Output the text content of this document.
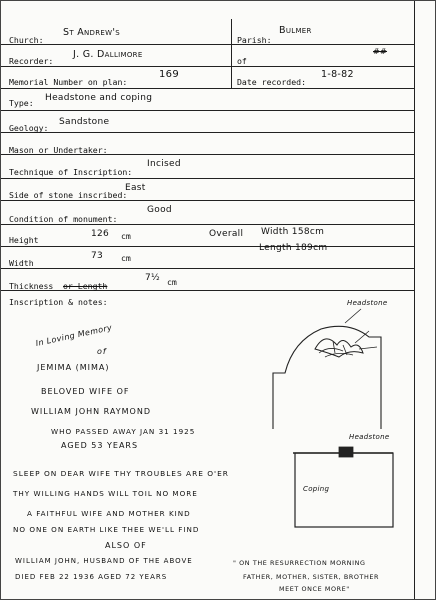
Church:
St Andrew's
Parish:
Bulmer
Recorder:
J. G. Dallimore
of
##
Memorial Number on plan:
169
Date recorded:
1-8-82
Type: Headstone and coping
Geology:
Sandstone
Mason or Undertaker:
Technique of Inscription:
Incised
Side of stone inscribed:
East
Condition of monument:
Good
Height
126 cm	Overall Width 158cm
Width
73 cm
Length 189cm
Thickness or Length
7½ cm
Inscription & notes:
In Loving Memory
of
JEMIMA (MIMA)
BELOVED WIFE OF
WILLIAM JOHN RAYMOND
WHO PASSED AWAY JAN 31 1925
AGED 53 YEARS
SLEEP ON DEAR WIFE THY TROUBLES ARE O'ER
THY WILLING HANDS WILL TOIL NO MORE
A FAITHFUL WIFE AND MOTHER KIND
NO ONE ON EARTH LIKE THEE WE'LL FIND
ALSO OF
WILLIAM JOHN, HUSBAND OF THE ABOVE
DIED FEB 22 1936 AGED 72 YEARS
" ON THE RESURRECTION MORNING
FATHER, MOTHER, SISTER, BROTHER
MEET ONCE MORE"
Headstone
Headstone
Coping
